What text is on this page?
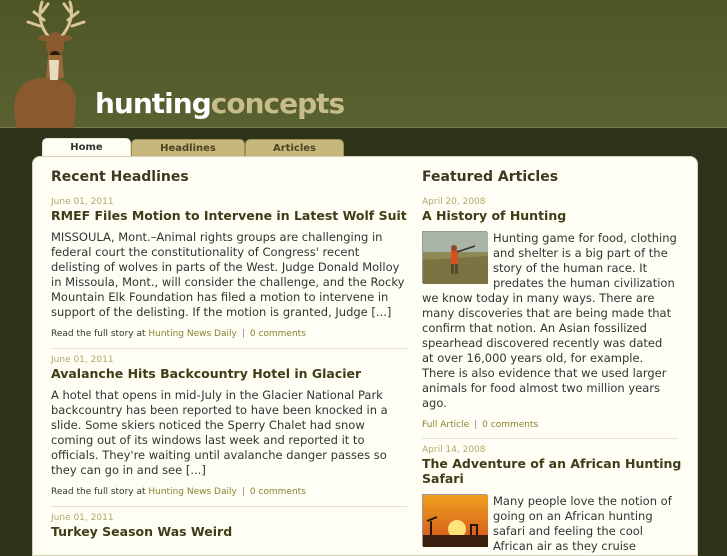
huntingconcepts
Home	Headlines	Articles
Recent Headlines
June 01, 2011
RMEF Files Motion to Intervene in Latest Wolf Suit
MISSOULA, Mont.–Animal rights groups are challenging in
federal court the constitutionality of Congress' recent
delisting of wolves in parts of the West. Judge Donald Molloy
in Missoula, Mont., will consider the challenge, and the Rocky
Mountain Elk Foundation has filed a motion to intervene in
support of the delisting. If the motion is granted, Judge [...]
Read the full story at Hunting News Daily | 0 comments
June 01, 2011
Avalanche Hits Backcountry Hotel in Glacier
A hotel that opens in mid-July in the Glacier National Park
backcountry has been reported to have been knocked in a
slide. Some skiers noticed the Sperry Chalet had snow
coming out of its windows last week and reported it to
officials. They're waiting until avalanche danger passes so
they can go in and see [...]
Read the full story at Hunting News Daily | 0 comments
June 01, 2011
Turkey Season Was Weird
Featured Articles
April 20, 2008
A History of Hunting
Hunting game for food, clothing
and shelter is a big part of the
story of the human race. It
predates the human civilization
we know today in many ways. There are
many discoveries that are being made that
confirm that notion. An Asian fossilized
spearhead discovered recently was dated
at over 16,000 years old, for example.
There is also evidence that we used larger
animals for food almost two million years
ago.
Full Article | 0 comments
April 14, 2008
The Adventure of an African Hunting
Safari
Many people love the notion of
going on an African hunting
safari and feeling the cool
African air as they cruise
